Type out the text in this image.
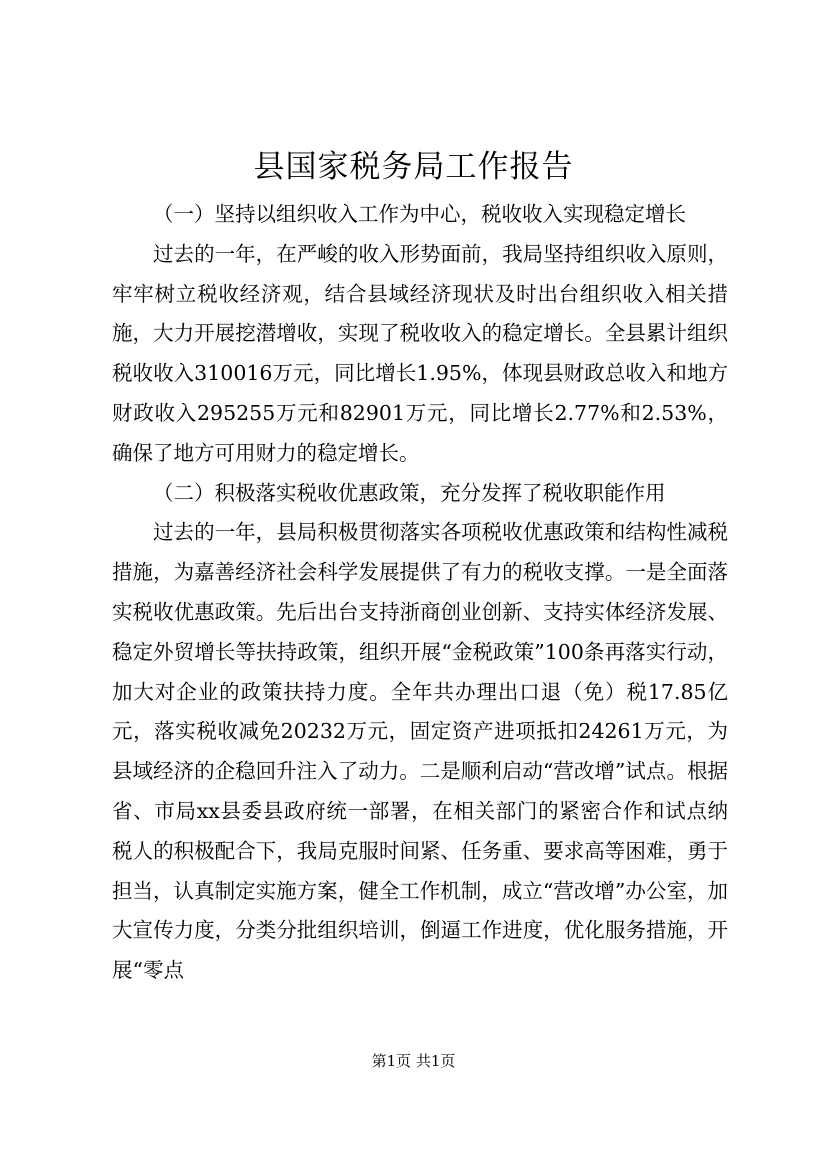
县国家税务局工作报告

（一）坚持以组织收入工作为中心，税收收入实现稳定增长

过去的一年，在严峻的收入形势面前，我局坚持组织收入原则，牢牢树立税收经济观，结合县域经济现状及时出台组织收入相关措施，大力开展挖潜增收，实现了税收收入的稳定增长。全县累计组织税收收入310016万元，同比增长1.95%，体现县财政总收入和地方财政收入295255万元和82901万元，同比增长2.77%和2.53%，确保了地方可用财力的稳定增长。

（二）积极落实税收优惠政策，充分发挥了税收职能作用

过去的一年，县局积极贯彻落实各项税收优惠政策和结构性减税措施，为嘉善经济社会科学发展提供了有力的税收支撑。一是全面落实税收优惠政策。先后出台支持浙商创业创新、支持实体经济发展、稳定外贸增长等扶持政策，组织开展“金税政策”100条再落实行动，加大对企业的政策扶持力度。全年共办理出口退（免）税17.85亿元，落实税收减免20232万元，固定资产进项抵扣24261万元，为县域经济的企稳回升注入了动力。二是顺利启动“营改增”试点。根据省、市局xx县委县政府统一部署，在相关部门的紧密合作和试点纳税人的积极配合下，我局克服时间紧、任务重、要求高等困难，勇于担当，认真制定实施方案，健全工作机制，成立“营改增”办公室，加大宣传力度，分类分批组织培训，倒逼工作进度，优化服务措施，开展“零点

第1页 共1页
